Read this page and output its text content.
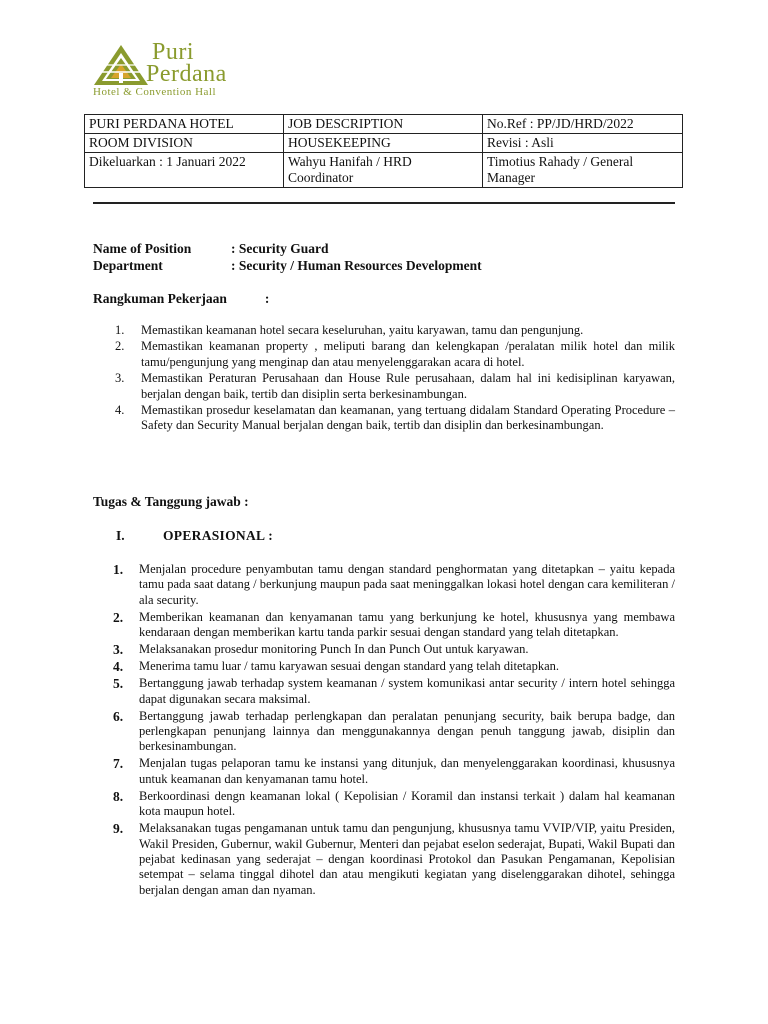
Puri
Perdana
Hotel & Convention Hall
PURI PERDANA HOTEL	JOB DESCRIPTION	No.Ref : PP/JD/HRD/2022
ROOM DIVISION	HOUSEKEEPING	Revisi : Asli
Dikeluarkan : 1 Januari 2022	Wahyu Hanifah / HRD Coordinator	Timotius Rahady / General Manager
Name of Position	: Security Guard
Department	: Security / Human Resources Development
Rangkuman Pekerjaan	:
1. Memastikan keamanan hotel secara keseluruhan, yaitu karyawan, tamu dan pengunjung.
2. Memastikan keamanan property , meliputi barang dan kelengkapan /peralatan milik hotel dan milik tamu/pengunjung yang menginap dan atau menyelenggarakan acara di hotel.
3. Memastikan Peraturan Perusahaan dan House Rule perusahaan, dalam hal ini kedisiplinan karyawan, berjalan dengan baik, tertib dan disiplin serta berkesinambungan.
4. Memastikan prosedur keselamatan dan keamanan, yang tertuang didalam Standard Operating Procedure – Safety dan Security Manual berjalan dengan baik, tertib dan disiplin dan berkesinambungan.
Tugas & Tanggung jawab :
I.	OPERASIONAL :
1. Menjalan procedure penyambutan tamu dengan standard penghormatan yang ditetapkan – yaitu kepada tamu pada saat datang / berkunjung maupun pada saat meninggalkan lokasi hotel dengan cara kemiliteran / ala security.
2. Memberikan keamanan dan kenyamanan tamu yang berkunjung ke hotel, khususnya yang membawa kendaraan dengan memberikan kartu tanda parkir sesuai dengan standard yang telah ditetapkan.
3. Melaksanakan prosedur monitoring Punch In dan Punch Out untuk karyawan.
4. Menerima tamu luar / tamu karyawan sesuai dengan standard yang telah ditetapkan.
5. Bertanggung jawab terhadap system keamanan / system komunikasi antar security / intern hotel sehingga dapat digunakan secara maksimal.
6. Bertanggung jawab terhadap perlengkapan dan peralatan penunjang security, baik berupa badge, dan perlengkapan penunjang lainnya dan menggunakannya dengan penuh tanggung jawab, disiplin dan berkesinambungan.
7. Menjalan tugas pelaporan tamu ke instansi yang ditunjuk, dan menyelenggarakan koordinasi, khususnya untuk keamanan dan kenyamanan tamu hotel.
8. Berkoordinasi dengn keamanan lokal ( Kepolisian / Koramil dan instansi terkait ) dalam hal keamanan kota maupun hotel.
9. Melaksanakan tugas pengamanan untuk tamu dan pengunjung, khususnya tamu VVIP/VIP, yaitu Presiden, Wakil Presiden, Gubernur, wakil Gubernur, Menteri dan pejabat eselon sederajat, Bupati, Wakil Bupati dan pejabat kedinasan yang sederajat – dengan koordinasi Protokol dan Pasukan Pengamanan, Kepolisian setempat – selama tinggal dihotel dan atau mengikuti kegiatan yang diselenggarakan dihotel, sehingga berjalan dengan aman dan nyaman.
